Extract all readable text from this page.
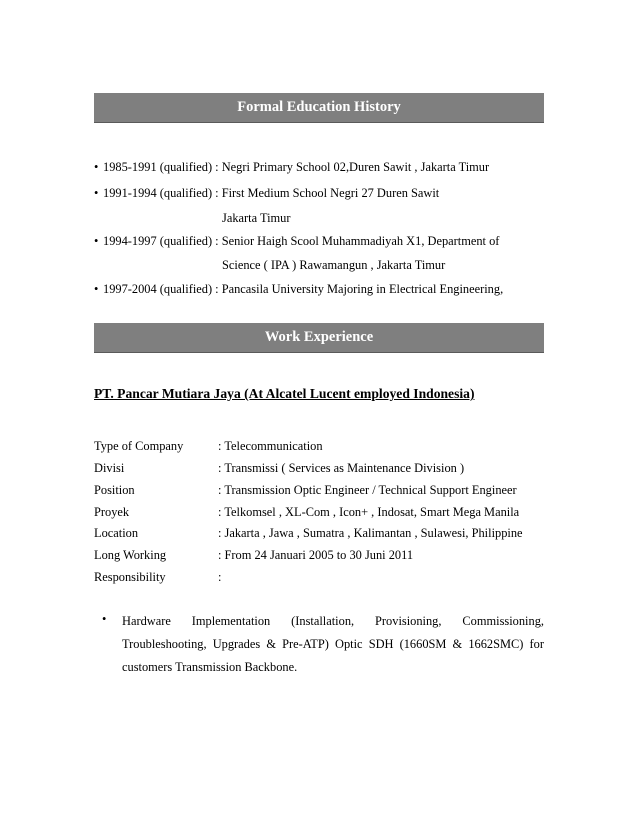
Formal Education History
• 1985-1991 (qualified) : Negri Primary School 02,Duren Sawit , Jakarta Timur
• 1991-1994 (qualified) : First Medium School Negri 27 Duren Sawit
Jakarta Timur
• 1994-1997 (qualified) : Senior Haigh Scool Muhammadiyah X1, Department of
Science ( IPA ) Rawamangun , Jakarta Timur
• 1997-2004 (qualified) : Pancasila University Majoring in Electrical Engineering,
Work Experience
PT. Pancar Mutiara Jaya (At Alcatel Lucent employed Indonesia)
Type of Company	: Telecommunication
Divisi	: Transmissi ( Services as Maintenance Division )
Position	: Transmission Optic Engineer / Technical Support Engineer
Proyek	: Telkomsel , XL-Com , Icon+ , Indosat, Smart Mega Manila
Location	: Jakarta , Jawa , Sumatra , Kalimantan , Sulawesi, Philippine
Long Working	: From 24 Januari 2005 to 30 Juni 2011
Responsibility	:
• Hardware Implementation (Installation, Provisioning, Commissioning,
Troubleshooting, Upgrades & Pre-ATP) Optic SDH (1660SM & 1662SMC) for
customers Transmission Backbone.
